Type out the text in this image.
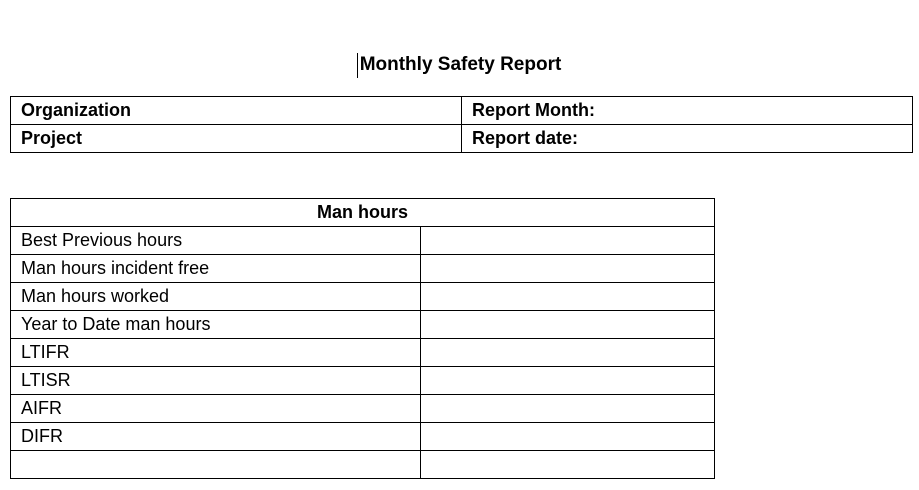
Monthly Safety Report
Organization	Report Month:
Project	Report date:
Man hours	
Best Previous hours	
Man hours incident free	
Man hours worked	
Year to Date man hours	
LTIFR	
LTISR	
AIFR	
DIFR	
